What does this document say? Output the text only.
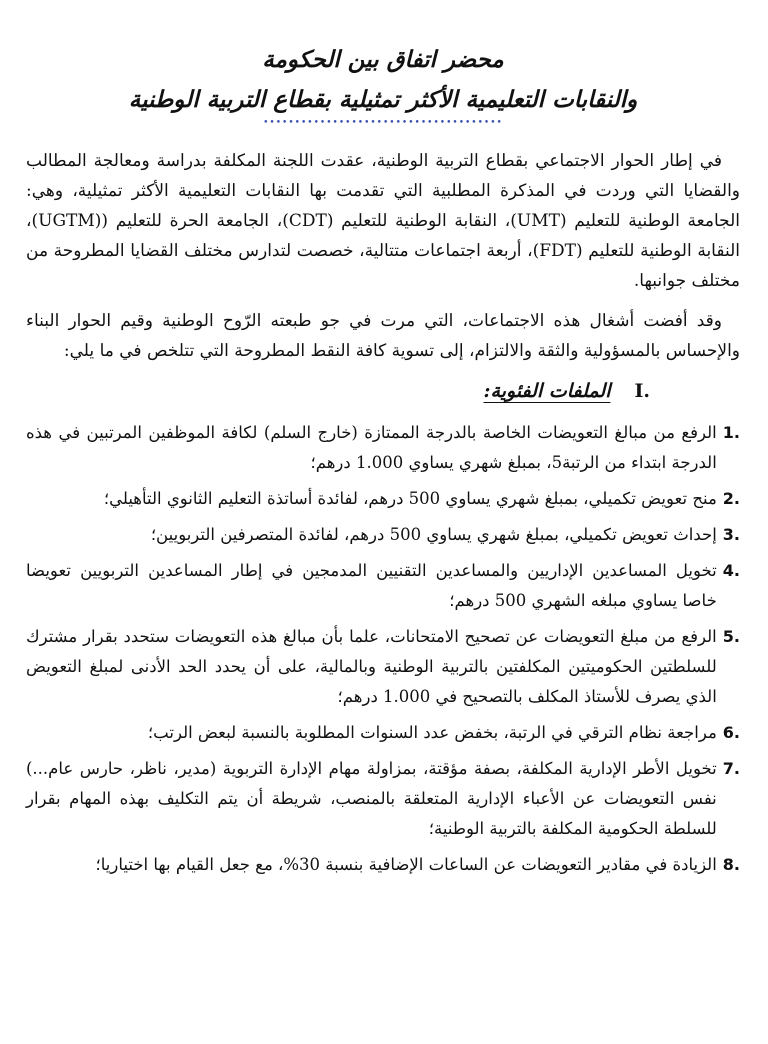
محضر اتفاق بين الحكومة
والنقابات التعليمية الأكثر تمثيلية بقطاع التربية الوطنية
••••••••••••••••••••••••••••••••••••••

في إطار الحوار الاجتماعي بقطاع التربية الوطنية، عقدت اللجنة المكلفة بدراسة ومعالجة المطالب والقضايا التي وردت في المذكرة المطلبية التي تقدمت بها النقابات التعليمية الأكثر تمثيلية، وهي: الجامعة الوطنية للتعليم (UMT)، النقابة الوطنية للتعليم (CDT)، الجامعة الحرة للتعليم ((UGTM)، النقابة الوطنية للتعليم (FDT)، أربعة اجتماعات متتالية، خصصت لتدارس مختلف القضايا المطروحة من مختلف جوانبها.

وقد أفضت أشغال هذه الاجتماعات، التي مرت في جو طبعته الرّوح الوطنية وقيم الحوار البناء والإحساس بالمسؤولية والثقة والالتزام، إلى تسوية كافة النقط المطروحة التي تتلخص في ما يلي:

I.
الملفات الفئوية:
1.
الرفع من مبالغ التعويضات الخاصة بالدرجة الممتازة (خارج السلم) لكافة الموظفين المرتبين في هذه الدرجة ابتداء من الرتبة5، بمبلغ شهري يساوي 1.000 درهم؛
2.
منح تعويض تكميلي، بمبلغ شهري يساوي 500 درهم، لفائدة أساتذة التعليم الثانوي التأهيلي؛
3.
إحداث تعويض تكميلي، بمبلغ شهري يساوي 500 درهم، لفائدة المتصرفين التربويين؛
4.
تخويل المساعدين الإداريين والمساعدين التقنيين المدمجين في إطار المساعدين التربويين تعويضا خاصا يساوي مبلغه الشهري 500 درهم؛
5.
الرفع من مبلغ التعويضات عن تصحيح الامتحانات، علما بأن مبالغ هذه التعويضات ستحدد بقرار مشترك للسلطتين الحكوميتين المكلفتين بالتربية الوطنية وبالمالية، على أن يحدد الحد الأدنى لمبلغ التعويض الذي يصرف للأستاذ المكلف بالتصحيح في 1.000 درهم؛
6.
مراجعة نظام الترقي في الرتبة، بخفض عدد السنوات المطلوبة بالنسبة لبعض الرتب؛
7.
تخويل الأطر الإدارية المكلفة، بصفة مؤقتة، بمزاولة مهام الإدارة التربوية (مدير، ناظر، حارس عام...) نفس التعويضات عن الأعباء الإدارية المتعلقة بالمنصب، شريطة أن يتم التكليف بهذه المهام بقرار للسلطة الحكومية المكلفة بالتربية الوطنية؛
8.
الزيادة في مقادير التعويضات عن الساعات الإضافية بنسبة 30%، مع جعل القيام بها اختياريا؛
